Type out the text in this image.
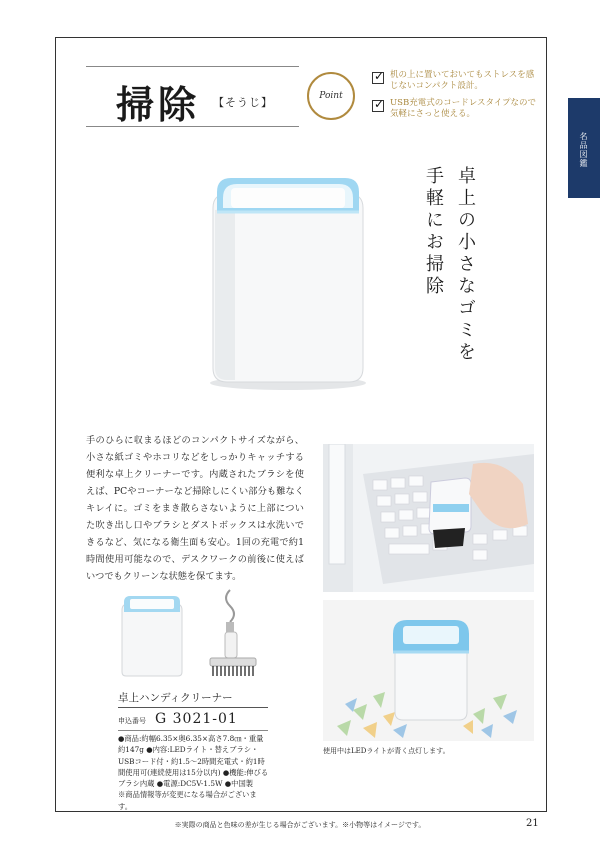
名品図鑑
掃除 【そうじ】	Point
✓
机の上に置いておいてもストレスを感じないコンパクト設計。
✓
USB充電式のコードレスタイプなので気軽にさっと使える。
卓上の小さなゴミを
手軽にお掃除
手のひらに収まるほどのコンパクトサイズながら、小さな紙ゴミやホコリなどをしっかりキャッチする便利な卓上クリーナーです。内蔵されたブラシを使えば、PCやコーナーなど掃除しにくい部分も難なくキレイに。ゴミをまき散らさないように上部についた吹き出し口やブラシとダストボックスは水洗いできるなど、気になる衛生面も安心。1回の充電で約1時間使用可能なので、デスクワークの前後に使えばいつでもクリーンな状態を保てます。
卓上ハンディクリーナー
申込番号 G 3021-01
●商品:約幅6.35×奥6.35×高さ7.8㎝・重量約147g ●内容:LEDライト・替えブラシ・USBコード付・約1.5〜2時間充電式・約1時間使用可(連続使用は15分以内) ●機能:伸びるブラシ内蔵 ●電源:DC5V-1.5W ●中国製
※商品情報等が変更になる場合がございます。
使用中はLEDライトが青く点灯します。
※実際の商品と色味の差が生じる場合がございます。※小物等はイメージです。	21
